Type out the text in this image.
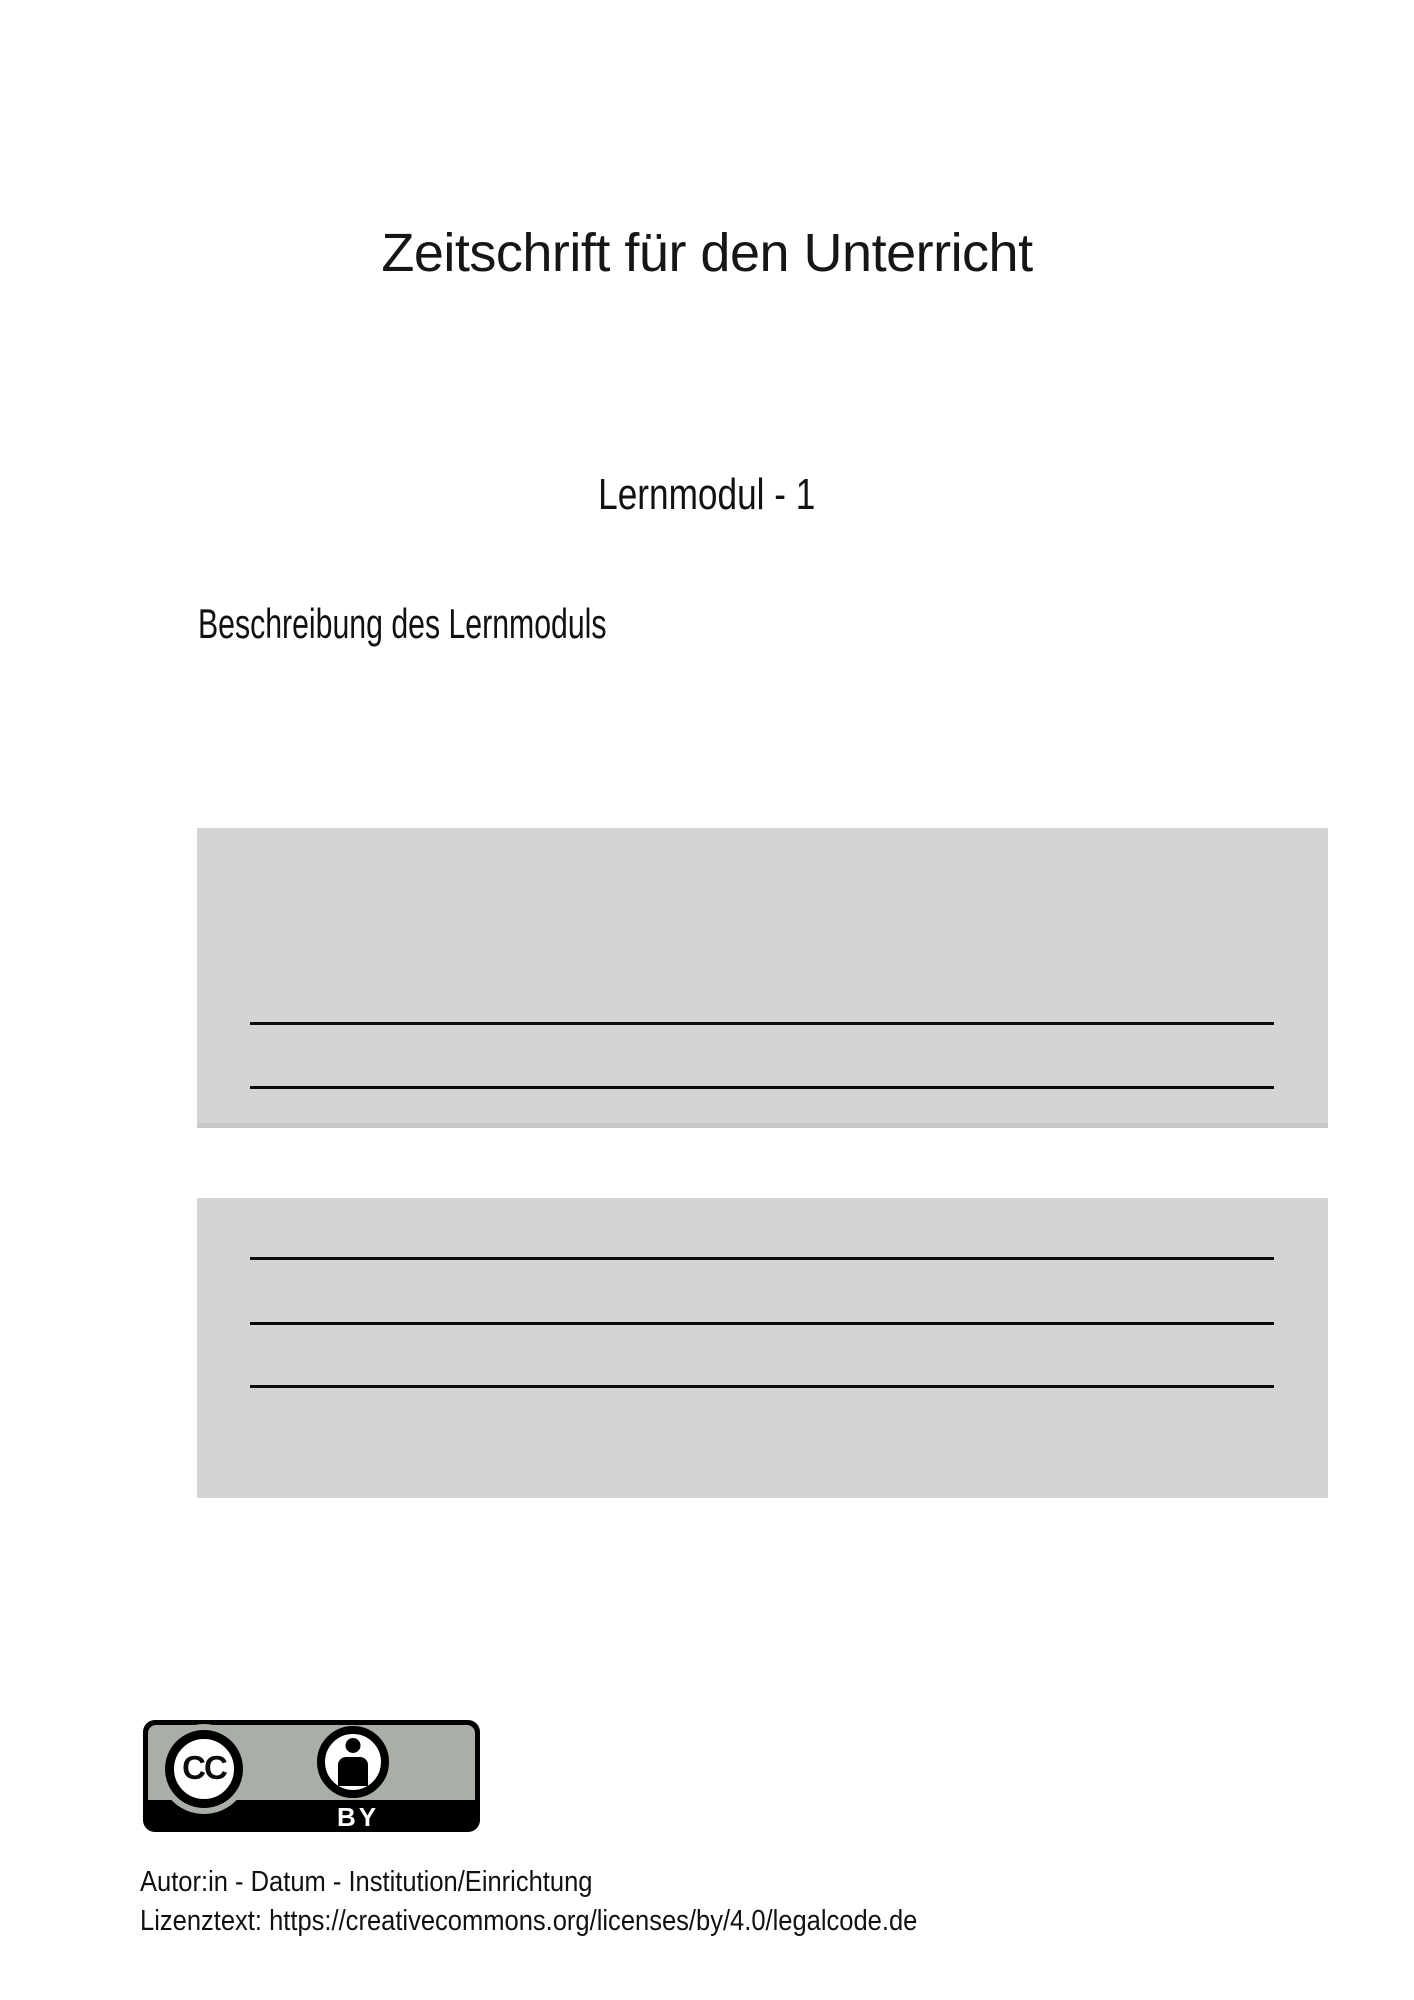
Zeitschrift für den Unterricht
Lernmodul - 1
Beschreibung des Lernmoduls
CC
BY
Autor:in - Datum - Institution/Einrichtung
Lizenztext: https://creativecommons.org/licenses/by/4.0/legalcode.de
